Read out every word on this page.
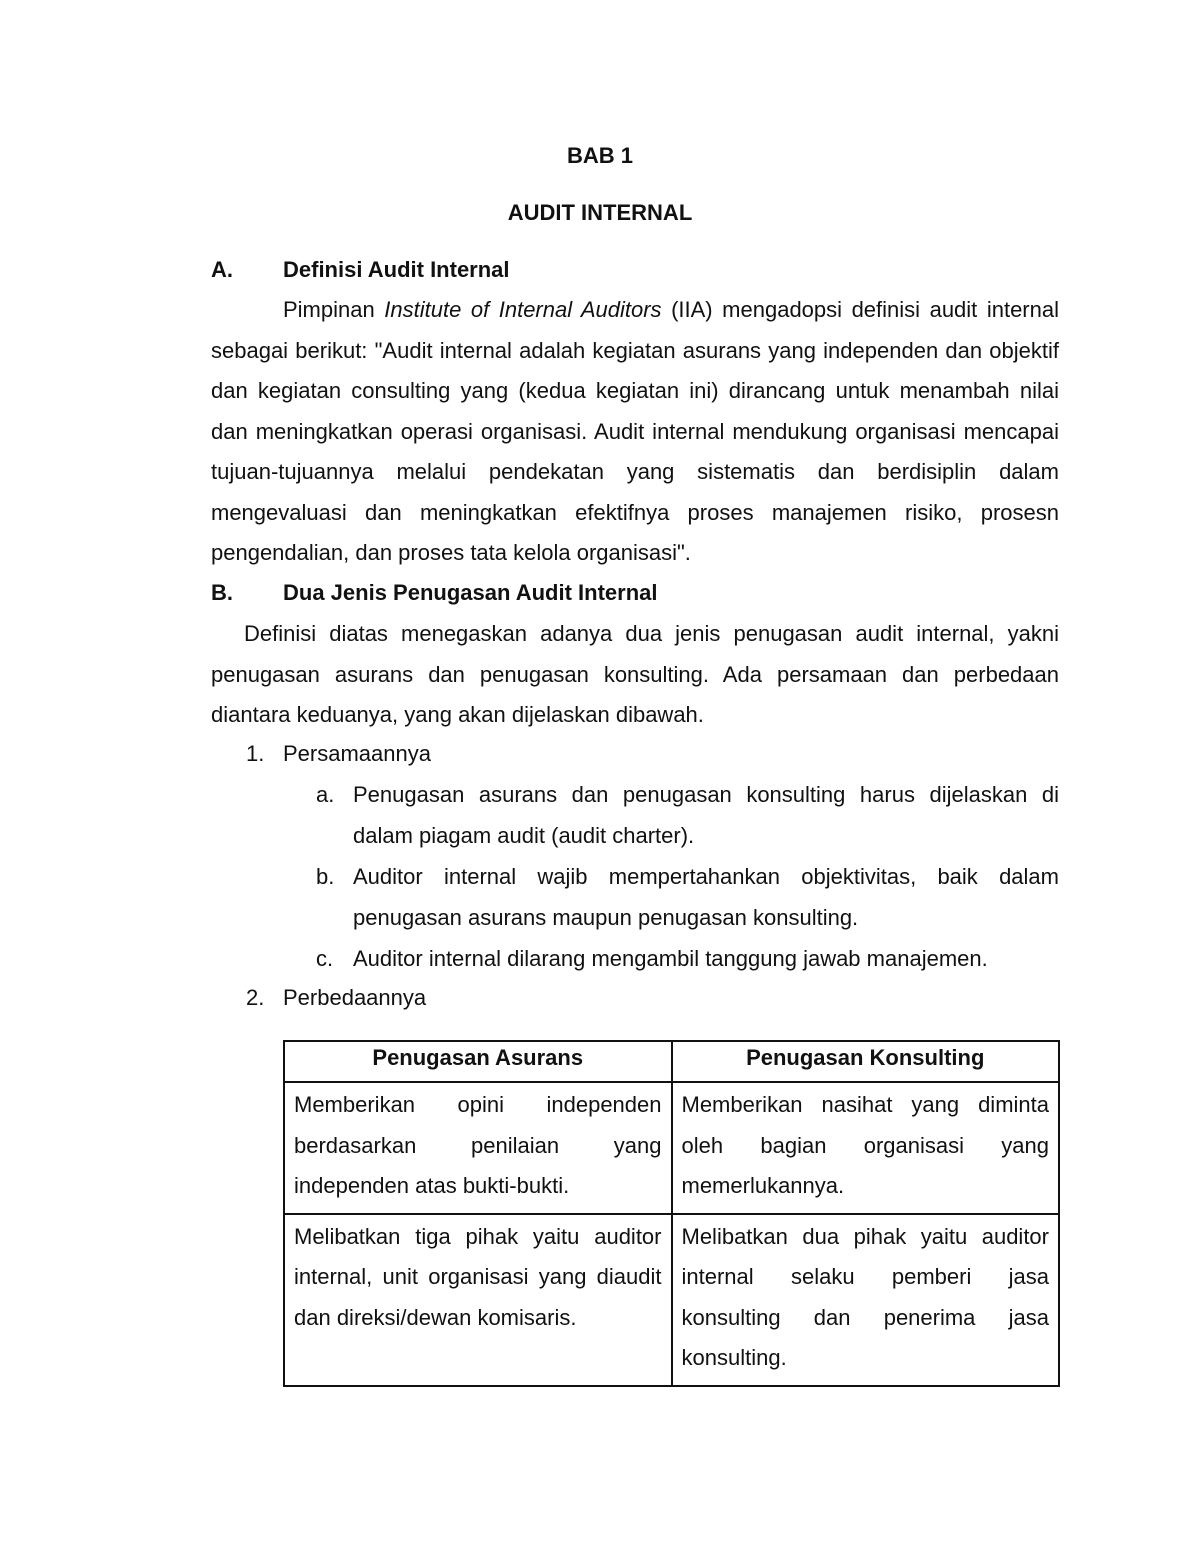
BAB 1
AUDIT INTERNAL
A. Definisi Audit Internal
Pimpinan Institute of Internal Auditors (IIA) mengadopsi definisi audit internal sebagai berikut: "Audit internal adalah kegiatan asurans yang independen dan objektif dan kegiatan consulting yang (kedua kegiatan ini) dirancang untuk menambah nilai dan meningkatkan operasi organisasi. Audit internal mendukung organisasi mencapai tujuan-tujuannya melalui pendekatan yang sistematis dan berdisiplin dalam mengevaluasi dan meningkatkan efektifnya proses manajemen risiko, prosesn pengendalian, dan proses tata kelola organisasi".
B. Dua Jenis Penugasan Audit Internal
Definisi diatas menegaskan adanya dua jenis penugasan audit internal, yakni penugasan asurans dan penugasan konsulting. Ada persamaan dan perbedaan diantara keduanya, yang akan dijelaskan dibawah.
1. Persamaannya
a. Penugasan asurans dan penugasan konsulting harus dijelaskan di dalam piagam audit (audit charter).
b. Auditor internal wajib mempertahankan objektivitas, baik dalam penugasan asurans maupun penugasan konsulting.
c. Auditor internal dilarang mengambil tanggung jawab manajemen.
2. Perbedaannya
Penugasan Asurans	Penugasan Konsulting
Memberikan opini independen berdasarkan penilaian yang independen atas bukti-bukti.	Memberikan nasihat yang diminta oleh bagian organisasi yang memerlukannya.
Melibatkan tiga pihak yaitu auditor internal, unit organisasi yang diaudit dan direksi/dewan komisaris.	Melibatkan dua pihak yaitu auditor internal selaku pemberi jasa konsulting dan penerima jasa konsulting.
